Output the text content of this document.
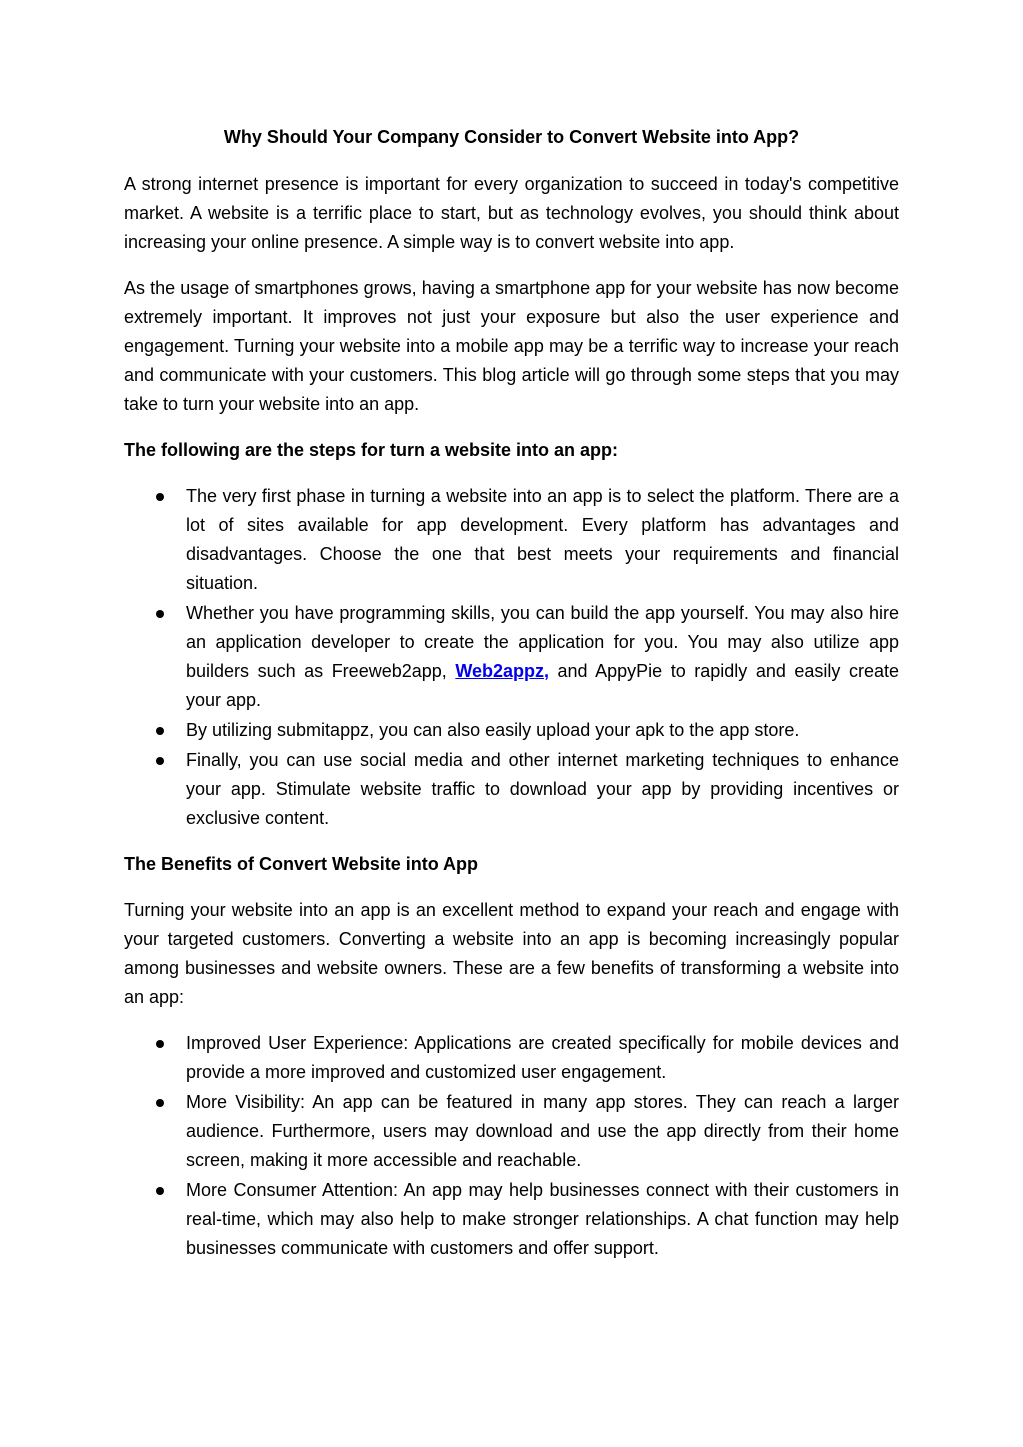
Why Should Your Company Consider to Convert Website into App?

A strong internet presence is important for every organization to succeed in today's competitive market. A website is a terrific place to start, but as technology evolves, you should think about increasing your online presence. A simple way is to convert website into app.

As the usage of smartphones grows, having a smartphone app for your website has now become extremely important. It improves not just your exposure but also the user experience and engagement. Turning your website into a mobile app may be a terrific way to increase your reach and communicate with your customers. This blog article will go through some steps that you may take to turn your website into an app.

The following are the steps for turn a website into an app:
The very first phase in turning a website into an app is to select the platform. There are a lot of sites available for app development. Every platform has advantages and disadvantages. Choose the one that best meets your requirements and financial situation.
Whether you have programming skills, you can build the app yourself. You may also hire an application developer to create the application for you. You may also utilize app builders such as Freeweb2app, Web2appz, and AppyPie to rapidly and easily create your app.
By utilizing submitappz, you can also easily upload your apk to the app store.
Finally, you can use social media and other internet marketing techniques to enhance your app. Stimulate website traffic to download your app by providing incentives or exclusive content.
The Benefits of Convert Website into App

Turning your website into an app is an excellent method to expand your reach and engage with your targeted customers. Converting a website into an app is becoming increasingly popular among businesses and website owners. These are a few benefits of transforming a website into an app:

Improved User Experience: Applications are created specifically for mobile devices and provide a more improved and customized user engagement.
More Visibility: An app can be featured in many app stores. They can reach a larger audience. Furthermore, users may download and use the app directly from their home screen, making it more accessible and reachable.
More Consumer Attention: An app may help businesses connect with their customers in real-time, which may also help to make stronger relationships. A chat function may help businesses communicate with customers and offer support.
